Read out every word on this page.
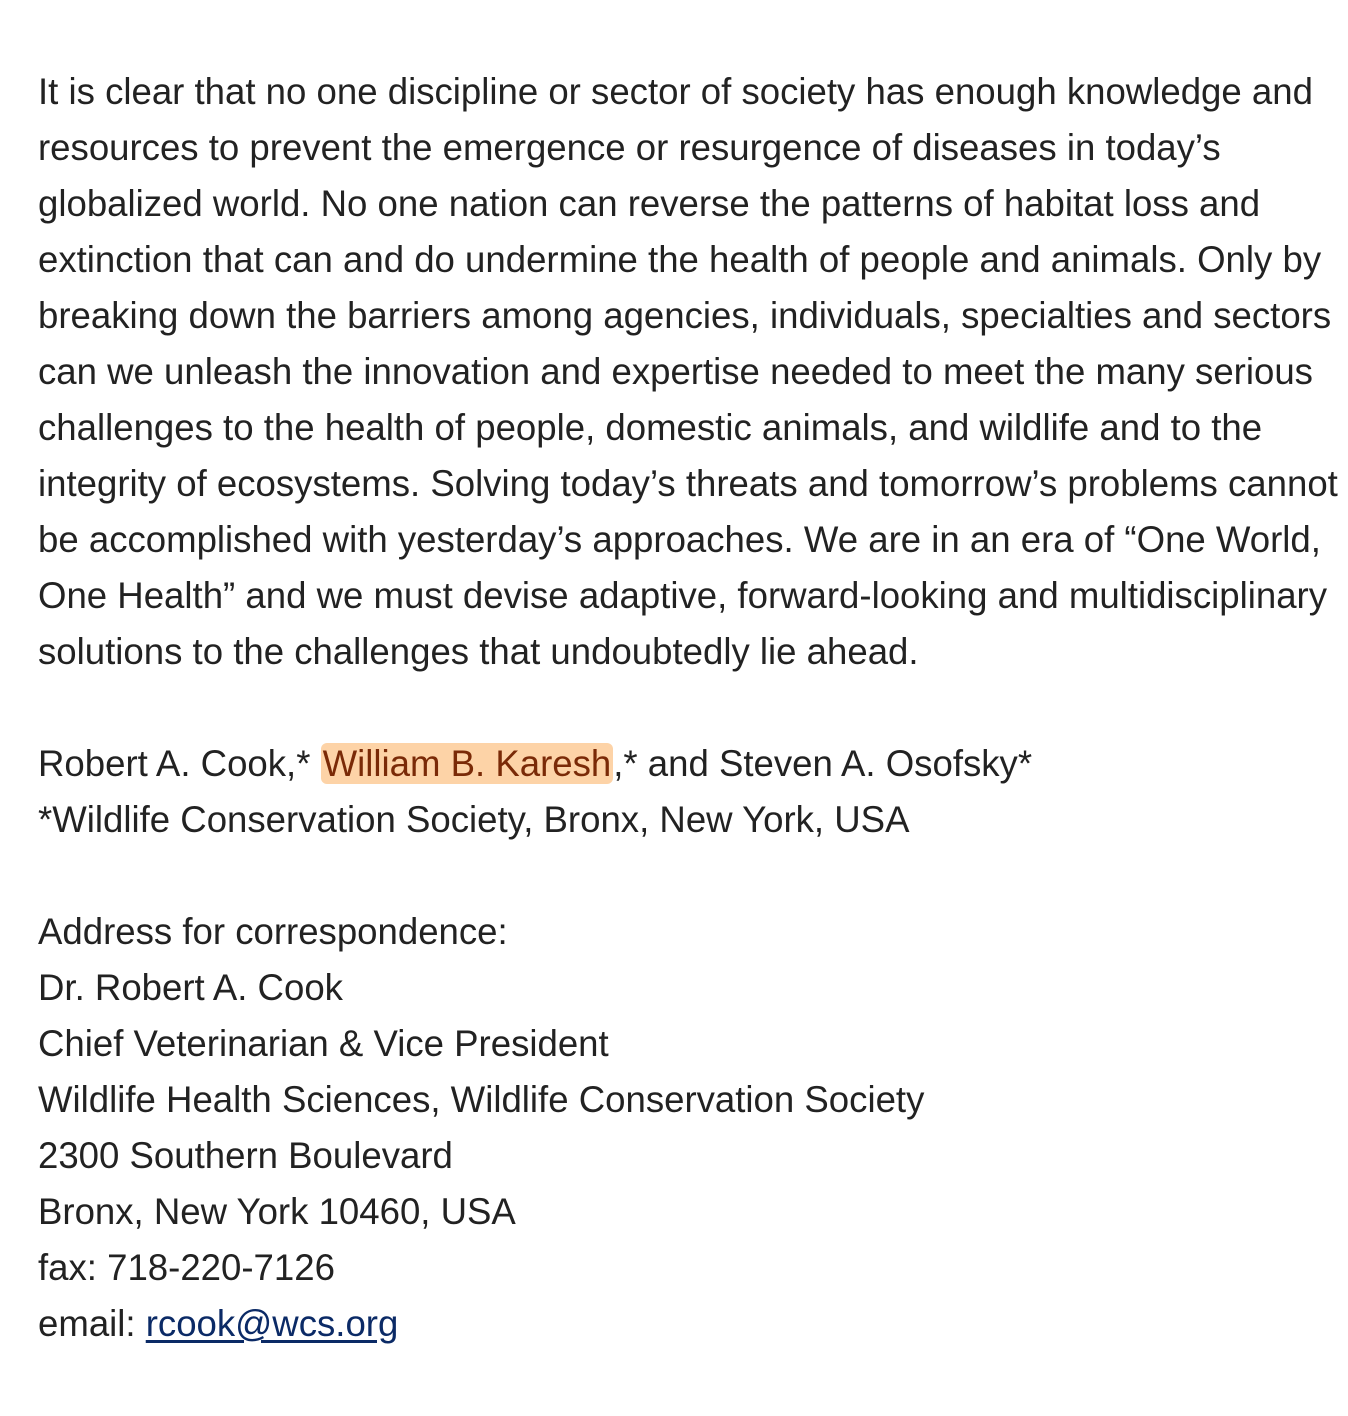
It is clear that no one discipline or sector of society has enough knowledge and resources to prevent the emergence or resurgence of diseases in today’s globalized world. No one nation can reverse the patterns of habitat loss and extinction that can and do undermine the health of people and animals. Only by breaking down the barriers among agencies, individuals, specialties and sectors can we unleash the innovation and expertise needed to meet the many serious challenges to the health of people, domestic animals, and wildlife and to the integrity of ecosystems. Solving today’s threats and tomorrow’s problems cannot be accomplished with yesterday’s approaches. We are in an era of “One World, One Health” and we must devise adaptive, forward-looking and multidisciplinary solutions to the challenges that undoubtedly lie ahead.

Robert A. Cook,* William B. Karesh,* and Steven A. Osofsky*
*Wildlife Conservation Society, Bronx, New York, USA
Address for correspondence:
Dr. Robert A. Cook
Chief Veterinarian & Vice President
Wildlife Health Sciences, Wildlife Conservation Society
2300 Southern Boulevard
Bronx, New York 10460, USA
fax: 718-220-7126
email: rcook@wcs.org
